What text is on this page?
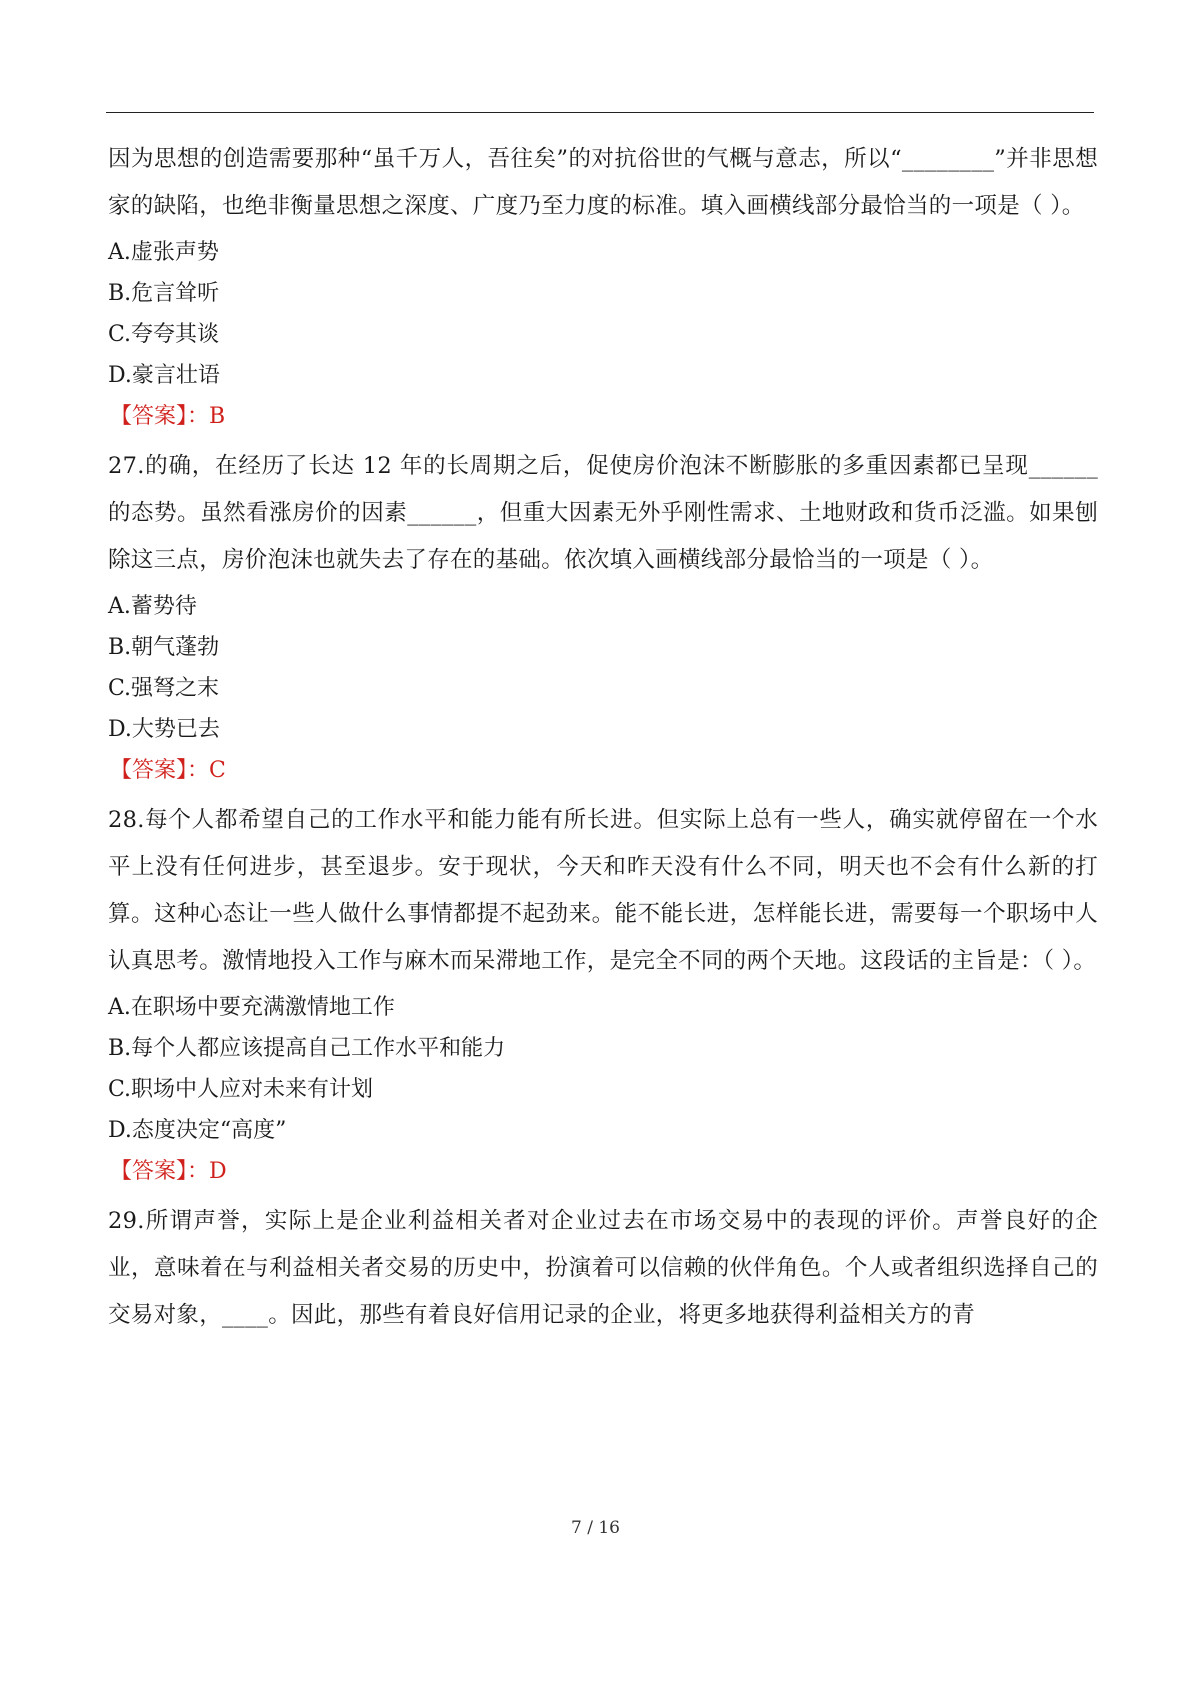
因为思想的创造需要那种“虽千万人，吾往矣”的对抗俗世的气概与意志，所以“________”并非思想家的缺陷，也绝非衡量思想之深度、广度乃至力度的标准。填入画横线部分最恰当的一项是（ ）。

A.虚张声势
B.危言耸听
C.夸夸其谈
D.豪言壮语

【答案】：B

27.的确，在经历了长达 12 年的长周期之后，促使房价泡沫不断膨胀的多重因素都已呈现______的态势。虽然看涨房价的因素______，但重大因素无外乎刚性需求、土地财政和货币泛滥。如果刨除这三点，房价泡沫也就失去了存在的基础。依次填入画横线部分最恰当的一项是（ ）。

A.蓄势待
B.朝气蓬勃
C.强弩之末
D.大势已去

【答案】：C

28.每个人都希望自己的工作水平和能力能有所长进。但实际上总有一些人，确实就停留在一个水平上没有任何进步，甚至退步。安于现状，今天和昨天没有什么不同，明天也不会有什么新的打算。这种心态让一些人做什么事情都提不起劲来。能不能长进，怎样能长进，需要每一个职场中人认真思考。激情地投入工作与麻木而呆滞地工作，是完全不同的两个天地。这段话的主旨是：（ ）。

A.在职场中要充满激情地工作
B.每个人都应该提高自己工作水平和能力
C.职场中人应对未来有计划
D.态度决定“高度”

【答案】：D

29.所谓声誉，实际上是企业利益相关者对企业过去在市场交易中的表现的评价。声誉良好的企业，意味着在与利益相关者交易的历史中，扮演着可以信赖的伙伴角色。个人或者组织选择自己的交易对象，____。因此，那些有着良好信用记录的企业，将更多地获得利益相关方的青

7 / 16
